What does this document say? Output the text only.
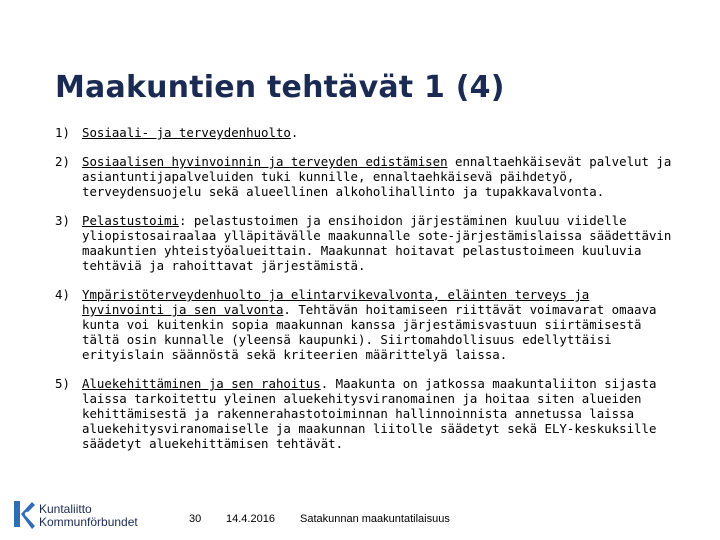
Maakuntien tehtävät 1 (4)
1) Sosiaali- ja terveydenhuolto.
2) Sosiaalisen hyvinvoinnin ja terveyden edistämisen ennaltaehkäisevät palvelut ja asiantuntijapalveluiden tuki kunnille, ennaltaehkäisevä päihdetyö, terveydensuojelu sekä alueellinen alkoholihallinto ja tupakkavalvonta.
3) Pelastustoimi: pelastustoimen ja ensihoidon järjestäminen kuuluu viidelle yliopistosairaalaa ylläpitävälle maakunnalle sote-järjestämislaissa säädettävin maakuntien yhteistyöalueittain. Maakunnat hoitavat pelastustoimeen kuuluvia tehtäviä ja rahoittavat järjestämistä.
4) Ympäristöterveydenhuolto ja elintarvikevalvonta, eläinten terveys ja hyvinvointi ja sen valvonta. Tehtävän hoitamiseen riittävät voimavarat omaava kunta voi kuitenkin sopia maakunnan kanssa järjestämisvastuun siirtämisestä tältä osin kunnalle (yleensä kaupunki). Siirtomahdollisuus edellyttäisi erityislain säännöstä sekä kriteerien määrittelyä laissa.
5) Aluekehittäminen ja sen rahoitus. Maakunta on jatkossa maakuntaliiton sijasta laissa tarkoitettu yleinen aluekehitysviranomainen ja hoitaa siten alueiden kehittämisestä ja rakennerahastotoiminnan hallinnoinnista annetussa laissa aluekehitysviranomaiselle ja maakunnan liitolle säädetyt sekä ELY-keskuksille säädetyt aluekehittämisen tehtävät.
Kuntaliitto
Kommunförbundet	30 14.4.2016 Satakunnan maakuntatilaisuus
